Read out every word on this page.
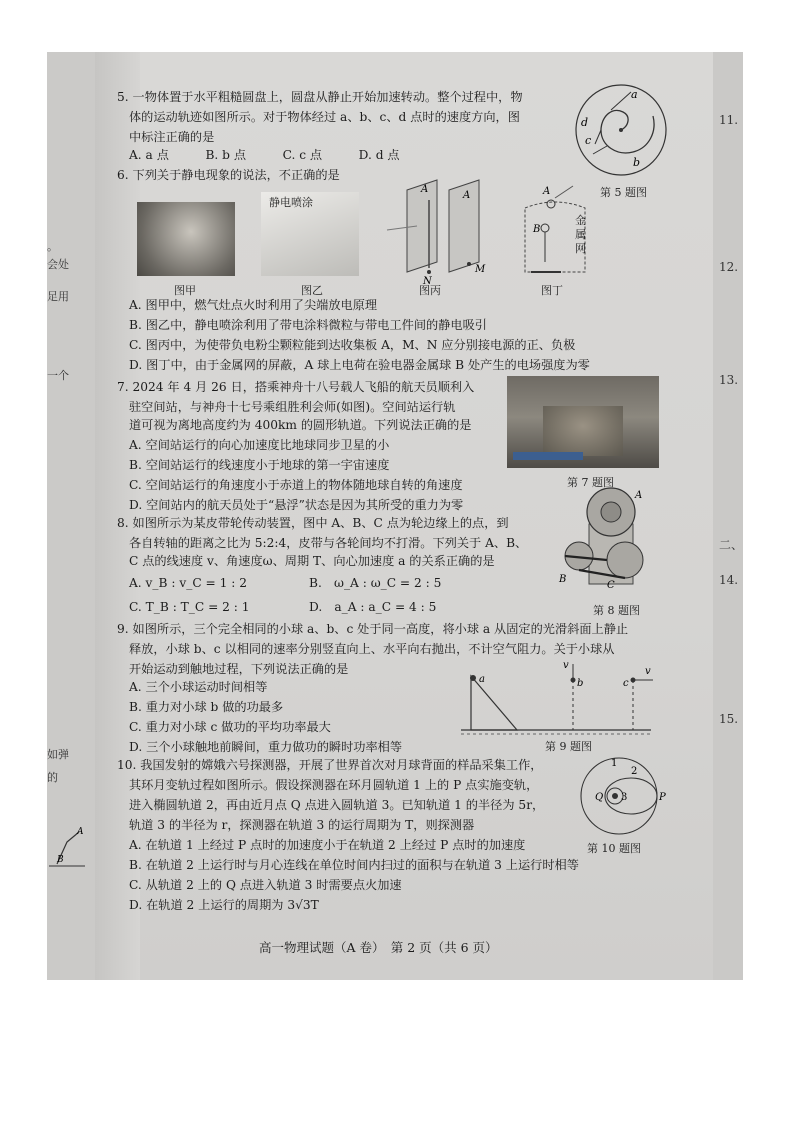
。
会处
足用
一个
如弹
的
A
B
11.
12.
13.
二、
14.
15.
5. 一物体置于水平粗糙圆盘上，圆盘从静止开始加速转动。整个过程中，物
体的运动轨迹如图所示。对于物体经过 a、b、c、d 点时的速度方向，图
中标注正确的是
A. a 点　　　B. b 点　　　C. c 点　　　D. d 点
a
b
c
d
第 5 题图
6. 下列关于静电现象的说法，不正确的是
图甲
静电喷涂
图乙
A
A
N
M
图丙
A
B
金属网
图丁
A. 图甲中，燃气灶点火时利用了尖端放电原理
B. 图乙中，静电喷涂利用了带电涂料微粒与带电工件间的静电吸引
C. 图丙中，为使带负电粉尘颗粒能到达收集板 A，M、N 应分别接电源的正、负极
D. 图丁中，由于金属网的屏蔽，A 球上电荷在验电器金属球 B 处产生的电场强度为零
7. 2024 年 4 月 26 日，搭乘神舟十八号载人飞船的航天员顺利入
驻空间站，与神舟十七号乘组胜利会师(如图)。空间站运行轨
道可视为离地高度约为 400km 的圆形轨道。下列说法正确的是
A. 空间站运行的向心加速度比地球同步卫星的小
B. 空间站运行的线速度小于地球的第一宇宙速度
C. 空间站运行的角速度小于赤道上的物体随地球自转的角速度
D. 空间站内的航天员处于“悬浮”状态是因为其所受的重力为零
第 7 题图
8. 如图所示为某皮带轮传动装置，图中 A、B、C 点为轮边缘上的点，到
各自转轴的距离之比为 5:2:4，皮带与各轮间均不打滑。下列关于 A、B、
C 点的线速度 v、角速度ω、周期 T、向心加速度 a 的关系正确的是
A. v_B : v_C = 1 : 2	B.　ω_A : ω_C = 2 : 5
C. T_B : T_C = 2 : 1	D.　a_A : a_C = 4 : 5
A
B
C
第 8 题图
9. 如图所示，三个完全相同的小球 a、b、c 处于同一高度，将小球 a 从固定的光滑斜面上静止
释放，小球 b、c 以相同的速率分别竖直向上、水平向右抛出，不计空气阻力。关于小球从
开始运动到触地过程，下列说法正确的是
A. 三个小球运动时间相等
B. 重力对小球 b 做的功最多
C. 重力对小球 c 做功的平均功率最大
D. 三个小球触地前瞬间，重力做功的瞬时功率相等
a	b	c
v
v
第 9 题图
10. 我国发射的嫦娥六号探测器，开展了世界首次对月球背面的样品采集工作，
其环月变轨过程如图所示。假设探测器在环月圆轨道 1 上的 P 点实施变轨，
进入椭圆轨道 2，再由近月点 Q 点进入圆轨道 3。已知轨道 1 的半径为 5r，
轨道 3 的半径为 r，探测器在轨道 3 的运行周期为 T，则探测器
A. 在轨道 1 上经过 P 点时的加速度小于在轨道 2 上经过 P 点时的加速度
B. 在轨道 2 上运行时与月心连线在单位时间内扫过的面积与在轨道 3 上运行时相等
C. 从轨道 2 上的 Q 点进入轨道 3 时需要点火加速
D. 在轨道 2 上运行的周期为 3√3T
1
2
3
Q	P
第 10 题图
高一物理试题（A 卷）　第 2 页（共 6 页）
